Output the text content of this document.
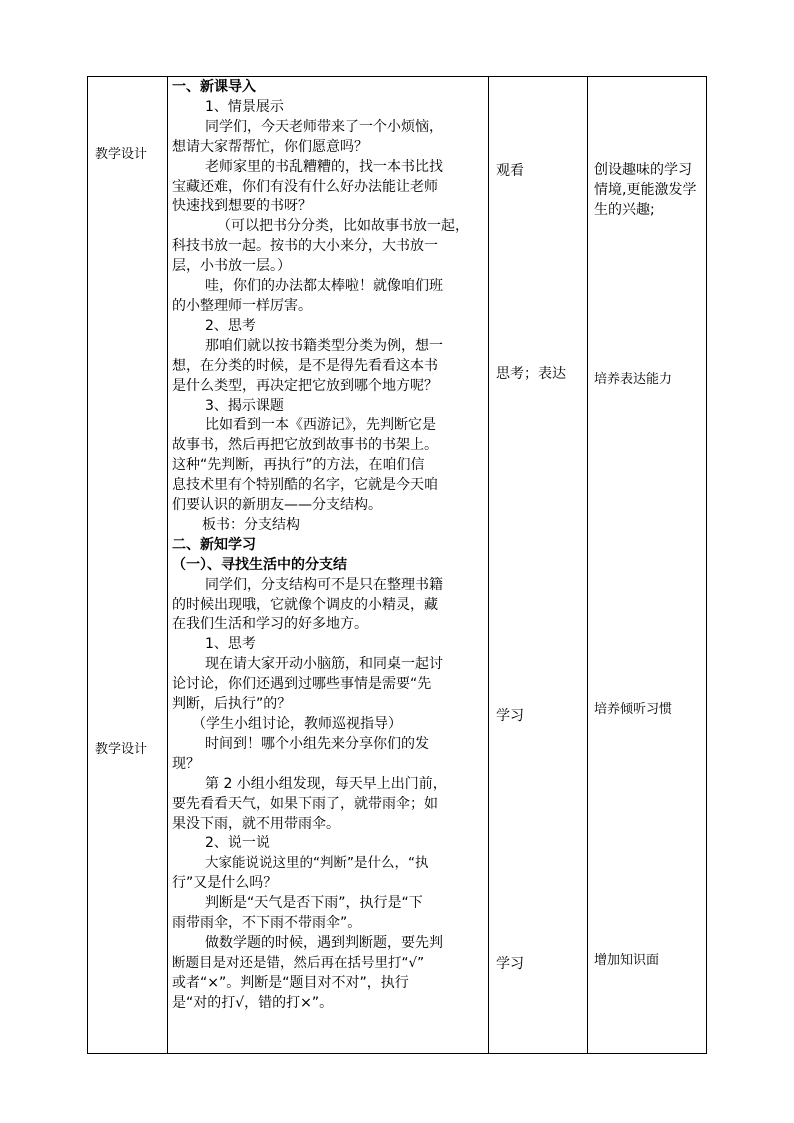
教学设计
教学设计
观看
思考；表达
学习
学习
创设趣味的学习情境,更能激发学生的兴趣;
培养表达能力
培养倾听习惯
增加知识面

一、新课导入

1、情景展示

同学们，今天老师带来了一个小烦恼，

想请大家帮帮忙，你们愿意吗？

老师家里的书乱糟糟的，找一本书比找

宝藏还难，你们有没有什么好办法能让老师

快速找到想要的书呀？

（可以把书分分类，比如故事书放一起，

科技书放一起。按书的大小来分，大书放一

层，小书放一层。）

哇，你们的办法都太棒啦！就像咱们班

的小整理师一样厉害。

2、思考

那咱们就以按书籍类型分类为例，想一

想，在分类的时候，是不是得先看看这本书

是什么类型，再决定把它放到哪个地方呢？

3、揭示课题

比如看到一本《西游记》，先判断它是

故事书，然后再把它放到故事书的书架上。

这种“先判断，再执行”的方法，在咱们信

息技术里有个特别酷的名字，它就是今天咱

们要认识的新朋友——分支结构。

板书：分支结构

二、新知学习

（一）、寻找生活中的分支结

同学们，分支结构可不是只在整理书籍

的时候出现哦，它就像个调皮的小精灵，藏

在我们生活和学习的好多地方。

1、思考

现在请大家开动小脑筋，和同桌一起讨

论讨论，你们还遇到过哪些事情是需要“先

判断，后执行”的？

（学生小组讨论，教师巡视指导）

时间到！哪个小组先来分享你们的发

现？

第 2 小组小组发现，每天早上出门前，

要先看看天气，如果下雨了，就带雨伞；如

果没下雨，就不用带雨伞。

2、说一说

大家能说说这里的“判断”是什么，“执

行”又是什么吗？

判断是“天气是否下雨”，执行是“下

雨带雨伞，不下雨不带雨伞”。

做数学题的时候，遇到判断题，要先判

断题目是对还是错，然后再在括号里打“√”

或者“×”。判断是“题目对不对”，执行

是“对的打√，错的打×”。
